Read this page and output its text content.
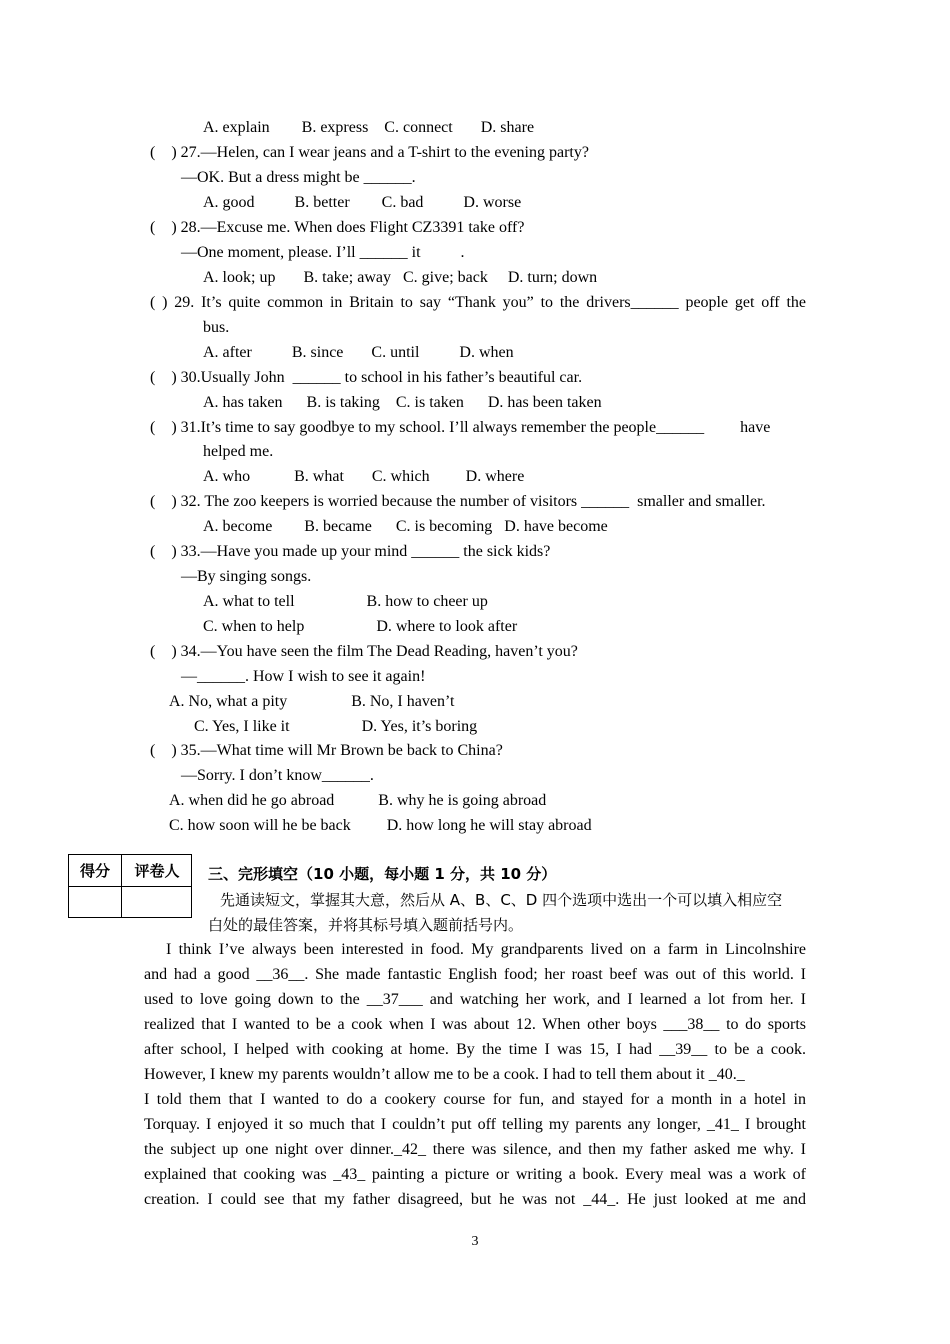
A. explain        B. express    C. connect       D. share
(    ) 27.—Helen, can I wear jeans and a T-shirt to the evening party?
—OK. But a dress might be ______.
A. good          B. better        C. bad          D. worse
(    ) 28.—Excuse me. When does Flight CZ3391 take off?
—One moment, please. I’ll ______ it          .
A. look; up       B. take; away   C. give; back     D. turn; down
( ) 29. It’s quite common in Britain to say “Thank you” to the drivers______ people get off the
bus.
A. after          B. since       C. until          D. when
(    ) 30.Usually John  ______ to school in his father’s beautiful car.
A. has taken      B. is taking    C. is taken      D. has been taken
(    ) 31.It’s time to say goodbye to my school. I’ll always remember the people______         have
helped me.
A. who           B. what       C. which         D. where
(    ) 32. The zoo keepers is worried because the number of visitors ______  smaller and smaller.
A. become        B. became      C. is becoming   D. have become
(    ) 33.—Have you made up your mind ______ the sick kids?
—By singing songs.
A. what to tell                  B. how to cheer up
C. when to help                  D. where to look after
(    ) 34.—You have seen the film The Dead Reading, haven’t you?
—______. How I wish to see it again!
A. No, what a pity                B. No, I haven’t
C. Yes, I like it                  D. Yes, it’s boring
(    ) 35.—What time will Mr Brown be back to China?
—Sorry. I don’t know______.
A. when did he go abroad           B. why he is going abroad
C. how soon will he be back         D. how long he will stay abroad
得分	评卷人	三、完形填空（10 小题，每小题 1 分，共 10 分）
先通读短文，掌握其大意，然后从 A、B、C、D 四个选项中选出一个可以填入相应空
白处的最佳答案，并将其标号填入题前括号内。
I think I’ve always been interested in food. My grandparents lived on a farm in Lincolnshire
and had a good __36__. She made fantastic English food; her roast beef was out of this world. I
used to love going down to the __37___ and watching her work, and I learned a lot from her. I
realized that I wanted to be a cook when I was about 12. When other boys ___38__ to do sports
after school, I helped with cooking at home. By the time I was 15, I had __39__ to be a cook.
However, I knew my parents wouldn’t allow me to be a cook. I had to tell them about it _40._
I told them that I wanted to do a cookery course for fun, and stayed for a month in a hotel in
Torquay. I enjoyed it so much that I couldn’t put off telling my parents any longer, _41_ I brought
the subject up one night over dinner._42_ there was silence, and then my father asked me why. I
explained that cooking was _43_ painting a picture or writing a book. Every meal was a work of
creation. I could see that my father disagreed, but he was not _44_. He just looked at me and
3
